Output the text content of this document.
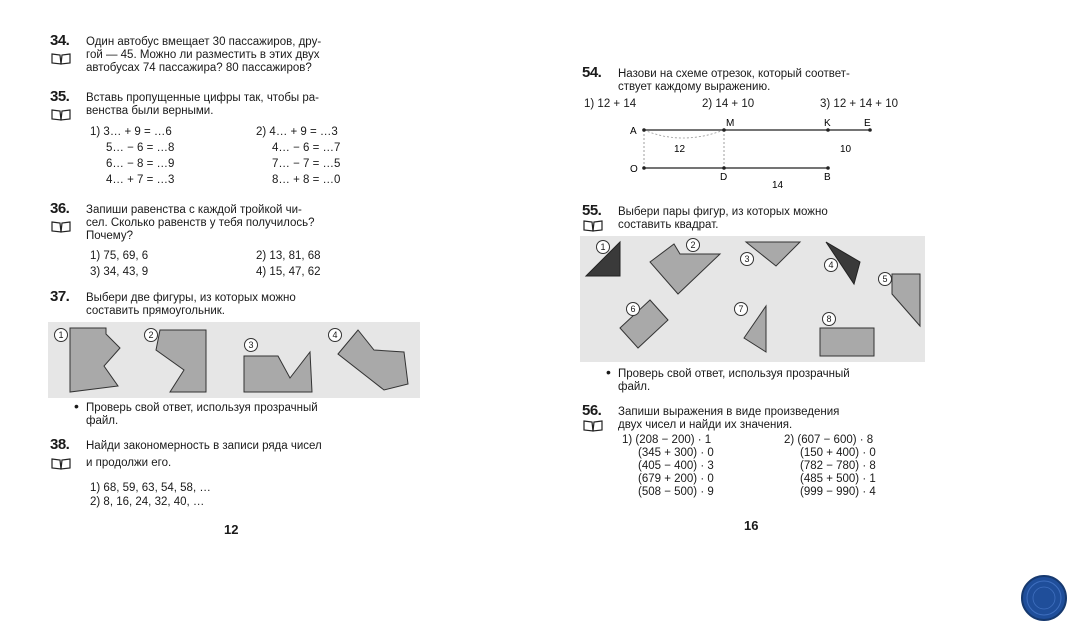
34. Один автобус вмещает 30 пассажиров, дру-
гой — 45. Можно ли разместить в этих двух
автобусах 74 пассажира? 80 пассажиров?
35. Вставь пропущенные цифры так, чтобы ра-
венства были верными.
1) 3… + 9 = …6
5… − 6 = …8
6… − 8 = …9
4… + 7 = …3
2) 4… + 9 = …3
4… − 6 = …7
7… − 7 = …5
8… + 8 = …0
36. Запиши равенства с каждой тройкой чи-
сел. Сколько равенств у тебя получилось?
Почему?
1) 75, 69, 6	2) 13, 81, 68
3) 34, 43, 9	4) 15, 47, 62
37. Выбери две фигуры, из которых можно
составить прямоугольник.
1	2
3
4
• Проверь свой ответ, используя прозрачный
файл.
38. Найди закономерность в записи ряда чисел
и продолжи его.
1) 68, 59, 63, 54, 58, …
2) 8, 16, 24, 32, 40, …
12
54. Назови на схеме отрезок, который соответ-
ствует каждому выражению.
1) 12 + 14	2) 14 + 10	3) 12 + 14 + 10
A
M	K	E
O
D	B
12	10
14
55. Выбери пары фигур, из которых можно
составить квадрат.
1	2
3
4
5
6	7
8
• Проверь свой ответ, используя прозрачный
файл.
56. Запиши выражения в виде произведения
двух чисел и найди их значения.
1) (208 − 200) · 1
(345 + 300) · 0
(405 − 400) · 3
(679 + 200) · 0
(508 − 500) · 9
2) (607 − 600) · 8
(150 + 400) · 0
(782 − 780) · 8
(485 + 500) · 1
(999 − 990) · 4
16
